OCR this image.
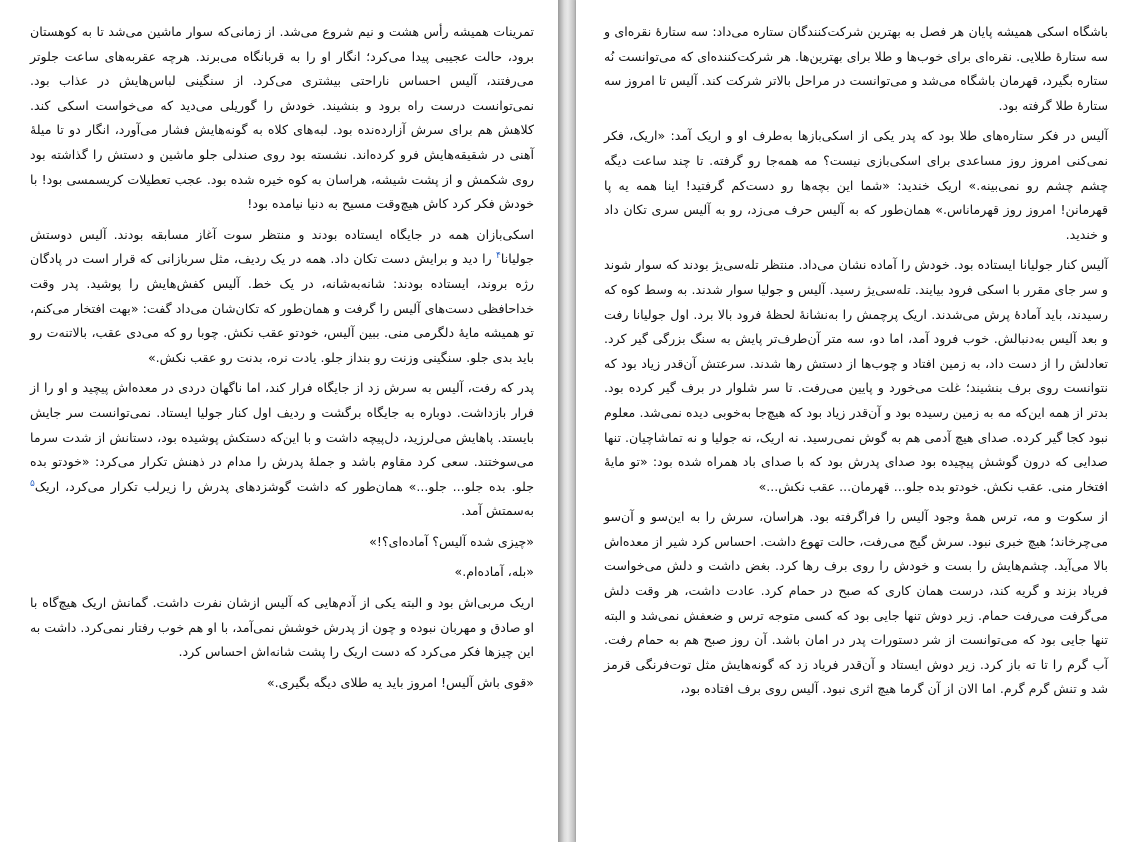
تمرینات همیشه رأس هشت و نیم شروع می‌شد. از زمانی‌که سوار ماشین می‌شد تا به کوهستان برود، حالت عجیبی پیدا می‌کرد؛ انگار او را به قربانگاه می‌برند. هرچه عقربه‌های ساعت جلوتر می‌رفتند، آلیس احساس ناراحتی بیشتری می‌کرد. از سنگینی لباس‌هایش در عذاب بود. نمی‌توانست درست راه برود و بنشیند. خودش را گوریلی می‌دید که می‌خواست اسکی کند. کلاهش هم برای سرش آزارده‌نده بود. لبه‌های کلاه به گونه‌هایش فشار می‌آورد، انگار دو تا میلهٔ آهنی در شقیقه‌هایش فرو کرده‌اند. نشسته بود روی صندلی جلو ماشین و دستش را گذاشته بود روی شکمش و از پشت شیشه، هراسان به کوه خیره شده بود. عجب تعطیلات کریسمسی بود! با خودش فکر کرد کاش هیچ‌وقت مسیح به دنیا نیامده بود!

اسکی‌بازان همه در جایگاه ایستاده بودند و منتظر سوت آغاز مسابقه بودند. آلیس دوستش جولیانا$^۴$ را دید و برایش دست تکان داد. همه در یک ردیف، مثل سربازانی که قرار است در پادگان رژه بروند، ایستاده بودند: شانه‌به‌شانه، در یک خط. آلیس کفش‌هایش را پوشید. پدر وقت خداحافظی دست‌های آلیس را گرفت و همان‌طور که تکان‌شان می‌داد گفت: «بهت افتخار می‌کنم، تو همیشه مایهٔ دلگرمی منی. ببین آلیس، خودتو عقب نکش. چوبا رو که می‌دی عقب، بالاتنه‌ت رو باید بدی جلو. سنگینی وزنت رو بنداز جلو. یادت نره، بدنت رو عقب نکش.»

پدر که رفت، آلیس به سرش زد از جایگاه فرار کند، اما ناگهان دردی در معده‌اش پیچید و او را از فرار بازداشت. دوباره به جایگاه برگشت و ردیف اول کنار جولیا ایستاد. نمی‌توانست سر جایش بایستد. پاهایش می‌لرزید، دل‌پیچه داشت و با این‌که دستکش پوشیده بود، دستانش از شدت سرما می‌سوختند. سعی کرد مقاوم باشد و جملهٔ پدرش را مدام در ذهنش تکرار می‌کرد: «خودتو بده جلو. بده جلو... جلو...» همان‌طور که داشت گوشزدهای پدرش را زیرلب تکرار می‌کرد، اریک$^۵$ به‌سمتش آمد.

«چیزی شده آلیس؟ آماده‌ای؟!»

«بله، آماده‌ام.»

اریک مربی‌اش بود و البته یکی از آدم‌هایی که آلیس ازشان نفرت داشت. گمانش اریک هیچ‌گاه با او صادق و مهربان نبوده و چون از پدرش خوشش نمی‌آمد، با او هم خوب رفتار نمی‌کرد. داشت به این چیزها فکر می‌کرد که دست اریک را پشت شانه‌اش احساس کرد.

«قوی باش آلیس! امروز باید یه طلای دیگه بگیری.»

باشگاه اسکی همیشه پایان هر فصل به بهترین شرکت‌کنندگان ستاره می‌داد: سه ستارهٔ نقره‌ای و سه ستارهٔ طلایی. نقره‌ای برای خوب‌ها و طلا برای بهترین‌ها. هر شرکت‌کننده‌ای که می‌توانست نُه ستاره بگیرد، قهرمان باشگاه می‌شد و می‌توانست در مراحل بالاتر شرکت کند. آلیس تا امروز سه ستارهٔ طلا گرفته بود.

آلیس در فکر ستاره‌های طلا بود که پدر یکی از اسکی‌بازها به‌طرف او و اریک آمد: «اریک، فکر نمی‌کنی امروز روز مساعدی برای اسکی‌بازی نیست؟ مه همه‌جا رو گرفته. تا چند ساعت دیگه چشم چشم رو نمی‌بینه.» اریک خندید: «شما این بچه‌ها رو دست‌کم گرفتید! اینا همه یه پا قهرمانن! امروز روز قهرماناس.» همان‌طور که به آلیس حرف می‌زد، رو به آلیس سری تکان داد و خندید.

آلیس کنار جولیانا ایستاده بود. خودش را آماده نشان می‌داد. منتظر تله‌سی‌یژ بودند که سوار شوند و سر جای مقرر با اسکی فرود بیایند. تله‌سی‌یژ رسید. آلیس و جولیا سوار شدند. به وسط کوه که رسیدند، باید آمادهٔ پرش می‌شدند. اریک پرچمش را به‌نشانهٔ لحظهٔ فرود بالا برد. اول جولیانا رفت و بعد آلیس به‌دنبالش. خوب فرود آمد، اما دو، سه متر آن‌طرف‌تر پایش به سنگ بزرگی گیر کرد. تعادلش را از دست داد، به زمین افتاد و چوب‌ها از دستش رها شدند. سرعتش آن‌قدر زیاد بود که نتوانست روی برف بنشیند؛ غلت می‌خورد و پایین می‌رفت. تا سر شلوار در برف گیر کرده بود. بدتر از همه این‌که مه به زمین رسیده بود و آن‌قدر زیاد بود که هیچ‌جا به‌خوبی دیده نمی‌شد. معلوم نبود کجا گیر کرده. صدای هیچ آدمی هم به گوش نمی‌رسید. نه اریک، نه جولیا و نه تماشاچیان. تنها صدایی که درون گوشش پیچیده بود صدای پدرش بود که با صدای باد همراه شده بود: «تو مایهٔ افتخار منی. عقب نکش. خودتو بده جلو... قهرمان... عقب نکش...»

از سکوت و مه، ترس همهٔ وجود آلیس را فراگرفته بود. هراسان، سرش را به این‌سو و آن‌سو می‌چرخاند؛ هیچ خبری نبود. سرش گیج می‌رفت، حالت تهوع داشت. احساس کرد شیر از معده‌اش بالا می‌آید. چشم‌هایش را بست و خودش را روی برف رها کرد. بغض داشت و دلش می‌خواست فریاد بزند و گریه کند، درست همان کاری که صبح در حمام کرد. عادت داشت، هر وقت دلش می‌گرفت می‌رفت حمام. زیر دوش تنها جایی بود که کسی متوجه ترس و ضعفش نمی‌شد و البته تنها جایی بود که می‌توانست از شر دستورات پدر در امان باشد. آن روز صبح هم به حمام رفت. آب گرم را تا ته باز کرد. زیر دوش ایستاد و آن‌قدر فریاد زد که گونه‌هایش مثل توت‌فرنگی قرمز شد و تنش گرم گرم. اما الان از آن گرما هیچ اثری نبود. آلیس روی برف افتاده بود،
